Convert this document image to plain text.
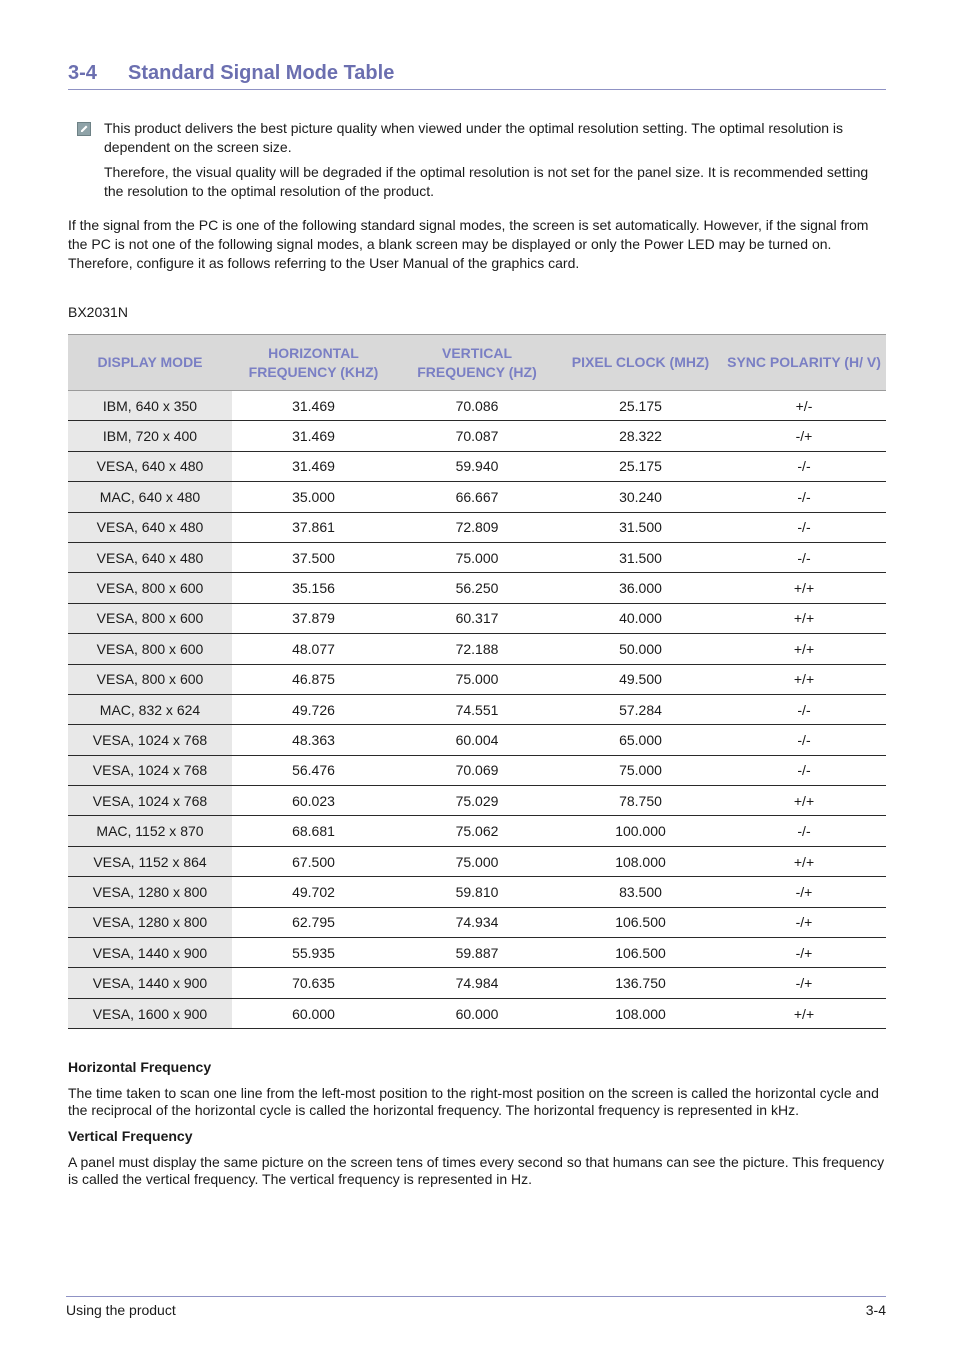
3-4 Standard Signal Mode Table

This product delivers the best picture quality when viewed under the optimal resolution setting. The optimal resolution is dependent on the screen size.

Therefore, the visual quality will be degraded if the optimal resolution is not set for the panel size. It is recommended setting the resolution to the optimal resolution of the product.

If the signal from the PC is one of the following standard signal modes, the screen is set automatically. However, if the signal from the PC is not one of the following signal modes, a blank screen may be displayed or only the Power LED may be turned on. Therefore, configure it as follows referring to the User Manual of the graphics card.

BX2031N

DISPLAY MODE	HORIZONTAL FREQUENCY (KHZ)	VERTICAL FREQUENCY (HZ)	PIXEL CLOCK (MHZ)	SYNC POLARITY (H/ V)
IBM, 640 x 350	31.469	70.086	25.175	+/-
IBM, 720 x 400	31.469	70.087	28.322	-/+
VESA, 640 x 480	31.469	59.940	25.175	-/-
MAC, 640 x 480	35.000	66.667	30.240	-/-
VESA, 640 x 480	37.861	72.809	31.500	-/-
VESA, 640 x 480	37.500	75.000	31.500	-/-
VESA, 800 x 600	35.156	56.250	36.000	+/+
VESA, 800 x 600	37.879	60.317	40.000	+/+
VESA, 800 x 600	48.077	72.188	50.000	+/+
VESA, 800 x 600	46.875	75.000	49.500	+/+
MAC, 832 x 624	49.726	74.551	57.284	-/-
VESA, 1024 x 768	48.363	60.004	65.000	-/-
VESA, 1024 x 768	56.476	70.069	75.000	-/-
VESA, 1024 x 768	60.023	75.029	78.750	+/+
MAC, 1152 x 870	68.681	75.062	100.000	-/-
VESA, 1152 x 864	67.500	75.000	108.000	+/+
VESA, 1280 x 800	49.702	59.810	83.500	-/+
VESA, 1280 x 800	62.795	74.934	106.500	-/+
VESA, 1440 x 900	55.935	59.887	106.500	-/+
VESA, 1440 x 900	70.635	74.984	136.750	-/+
VESA, 1600 x 900	60.000	60.000	108.000	+/+
Horizontal Frequency

The time taken to scan one line from the left-most position to the right-most position on the screen is called the horizontal cycle and the reciprocal of the horizontal cycle is called the horizontal frequency. The horizontal frequency is represented in kHz.

Vertical Frequency

A panel must display the same picture on the screen tens of times every second so that humans can see the picture. This frequency is called the vertical frequency. The vertical frequency is represented in Hz.

Using the product	3-4
